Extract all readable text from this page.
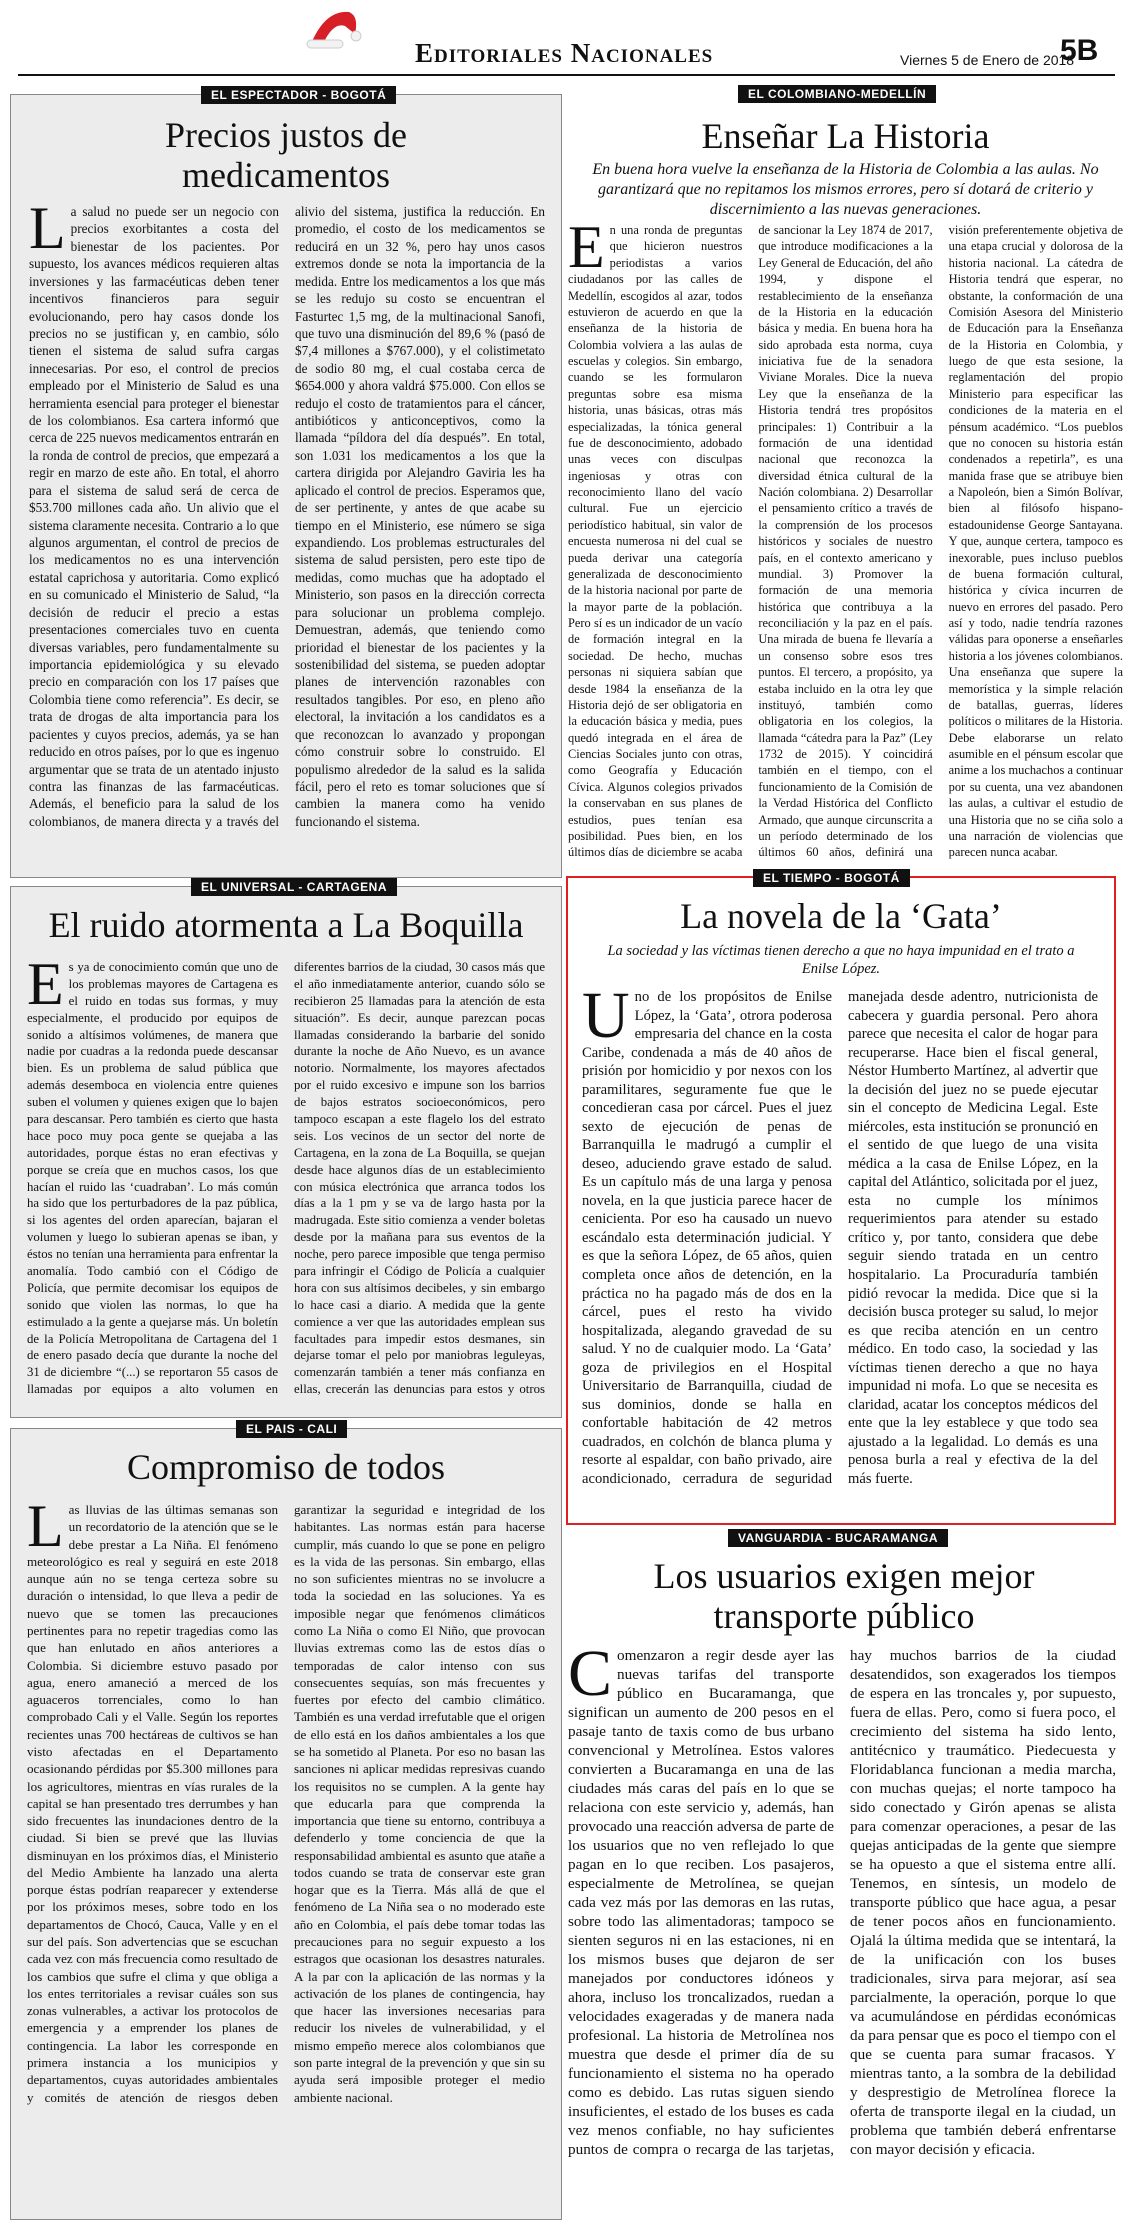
Editoriales Nacionales	Viernes 5 de Enero de 2018
5B
EL ESPECTADOR - BOGOTÁ
Precios justos de medicamentos
L a salud no puede ser un negocio con precios exorbitantes a costa del bienestar de los pacientes. Por supuesto, los avances médicos requieren altas inversiones y las farmacéuticas deben tener incentivos financieros para seguir evolucionando, pero hay casos donde los precios no se justifican y, en cambio, sólo tienen el sistema de salud sufra cargas innecesarias. Por eso, el control de precios empleado por el Ministerio de Salud es una herramienta esencial para proteger el bienestar de los colombianos. Esa cartera informó que cerca de 225 nuevos medicamentos entrarán en la ronda de control de precios, que empezará a regir en marzo de este año. En total, el ahorro para el sistema de salud será de cerca de $53.700 millones cada año. Un alivio que el sistema claramente necesita. Contrario a lo que algunos argumentan, el control de precios de los medicamentos no es una intervención estatal caprichosa y autoritaria. Como explicó en su comunicado el Ministerio de Salud, “la decisión de reducir el precio a estas presentaciones comerciales tuvo en cuenta diversas variables, pero fundamentalmente su importancia epidemiológica y su elevado precio en comparación con los 17 países que Colombia tiene como referencia”. Es decir, se trata de drogas de alta importancia para los pacientes y cuyos precios, además, ya se han reducido en otros países, por lo que es ingenuo argumentar que se trata de un atentado injusto contra las finanzas de las farmacéuticas. Además, el beneficio para la salud de los colombianos, de manera directa y a través del alivio del sistema, justifica la reducción. En promedio, el costo de los medicamentos se reducirá en un 32 %, pero hay unos casos extremos donde se nota la importancia de la medida. Entre los medicamentos a los que más se les redujo su costo se encuentran el Fasturtec 1,5 mg, de la multinacional Sanofi, que tuvo una disminución del 89,6 % (pasó de $7,4 millones a $767.000), y el colistimetato de sodio 80 mg, el cual costaba cerca de $654.000 y ahora valdrá $75.000. Con ellos se redujo el costo de tratamientos para el cáncer, antibióticos y anticonceptivos, como la llamada “píldora del día después”. En total, son 1.031 los medicamentos a los que la cartera dirigida por Alejandro Gaviria les ha aplicado el control de precios. Esperamos que, de ser pertinente, y antes de que acabe su tiempo en el Ministerio, ese número se siga expandiendo. Los problemas estructurales del sistema de salud persisten, pero este tipo de medidas, como muchas que ha adoptado el Ministerio, son pasos en la dirección correcta para solucionar un problema complejo. Demuestran, además, que teniendo como prioridad el bienestar de los pacientes y la sostenibilidad del sistema, se pueden adoptar planes de intervención razonables con resultados tangibles. Por eso, en pleno año electoral, la invitación a los candidatos es a que reconozcan lo avanzado y propongan cómo construir sobre lo construido. El populismo alrededor de la salud es la salida fácil, pero el reto es tomar soluciones que sí cambien la manera como ha venido funcionando el sistema.
EL COLOMBIANO-MEDELLÍN
Enseñar La Historia
En buena hora vuelve la enseñanza de la Historia de Colombia a las aulas. No garantizará que no repitamos los mismos errores, pero sí dotará de criterio y discernimiento a las nuevas generaciones.
E n una ronda de preguntas que hicieron nuestros periodistas a varios ciudadanos por las calles de Medellín, escogidos al azar, todos estuvieron de acuerdo en que la enseñanza de la historia de Colombia volviera a las aulas de escuelas y colegios. Sin embargo, cuando se les formularon preguntas sobre esa misma historia, unas básicas, otras más especializadas, la tónica general fue de desconocimiento, adobado unas veces con disculpas ingeniosas y otras con reconocimiento llano del vacío cultural. Fue un ejercicio periodístico habitual, sin valor de encuesta numerosa ni del cual se pueda derivar una categoría generalizada de desconocimiento de la historia nacional por parte de la mayor parte de la población. Pero sí es un indicador de un vacío de formación integral en la sociedad. De hecho, muchas personas ni siquiera sabían que desde 1984 la enseñanza de la Historia dejó de ser obligatoria en la educación básica y media, pues quedó integrada en el área de Ciencias Sociales junto con otras, como Geografía y Educación Cívica. Algunos colegios privados la conservaban en sus planes de estudios, pues tenían esa posibilidad. Pues bien, en los últimos días de diciembre se acaba de sancionar la Ley 1874 de 2017, que introduce modificaciones a la Ley General de Educación, del año 1994, y dispone el restablecimiento de la enseñanza de la Historia en la educación básica y media. En buena hora ha sido aprobada esta norma, cuya iniciativa fue de la senadora Viviane Morales. Dice la nueva Ley que la enseñanza de la Historia tendrá tres propósitos principales: 1) Contribuir a la formación de una identidad nacional que reconozca la diversidad étnica cultural de la Nación colombiana. 2) Desarrollar el pensamiento crítico a través de la comprensión de los procesos históricos y sociales de nuestro país, en el contexto americano y mundial. 3) Promover la formación de una memoria histórica que contribuya a la reconciliación y la paz en el país. Una mirada de buena fe llevaría a un consenso sobre esos tres puntos. El tercero, a propósito, ya estaba incluido en la otra ley que instituyó, también como obligatoria en los colegios, la llamada “cátedra para la Paz” (Ley 1732 de 2015). Y coincidirá también en el tiempo, con el funcionamiento de la Comisión de la Verdad Histórica del Conflicto Armado, que aunque circunscrita a un período determinado de los últimos 60 años, definirá una visión preferentemente objetiva de una etapa crucial y dolorosa de la historia nacional. La cátedra de Historia tendrá que esperar, no obstante, la conformación de una Comisión Asesora del Ministerio de Educación para la Enseñanza de la Historia en Colombia, y luego de que esta sesione, la reglamentación del propio Ministerio para especificar las condiciones de la materia en el pénsum académico. “Los pueblos que no conocen su historia están condenados a repetirla”, es una manida frase que se atribuye bien a Napoleón, bien a Simón Bolívar, bien al filósofo hispano-estadounidense George Santayana. Y que, aunque certera, tampoco es inexorable, pues incluso pueblos de buena formación cultural, histórica y cívica incurren de nuevo en errores del pasado. Pero así y todo, nadie tendría razones válidas para oponerse a enseñarles historia a los jóvenes colombianos. Una enseñanza que supere la memorística y la simple relación de batallas, guerras, líderes políticos o militares de la Historia. Debe elaborarse un relato asumible en el pénsum escolar que anime a los muchachos a continuar por su cuenta, una vez abandonen las aulas, a cultivar el estudio de una Historia que no se ciña solo a una narración de violencias que parecen nunca acabar.
EL UNIVERSAL - CARTAGENA
El ruido atormenta a La Boquilla
E s ya de conocimiento común que uno de los problemas mayores de Cartagena es el ruido en todas sus formas, y muy especialmente, el producido por equipos de sonido a altísimos volúmenes, de manera que nadie por cuadras a la redonda puede descansar bien. Es un problema de salud pública que además desemboca en violencia entre quienes suben el volumen y quienes exigen que lo bajen para descansar. Pero también es cierto que hasta hace poco muy poca gente se quejaba a las autoridades, porque éstas no eran efectivas y porque se creía que en muchos casos, los que hacían el ruido las ‘cuadraban’. Lo más común ha sido que los perturbadores de la paz pública, si los agentes del orden aparecían, bajaran el volumen y luego lo subieran apenas se iban, y éstos no tenían una herramienta para enfrentar la anomalía. Todo cambió con el Código de Policía, que permite decomisar los equipos de sonido que violen las normas, lo que ha estimulado a la gente a quejarse más. Un boletín de la Policía Metropolitana de Cartagena del 1 de enero pasado decía que durante la noche del 31 de diciembre “(...) se reportaron 55 casos de llamadas por equipos a alto volumen en diferentes barrios de la ciudad, 30 casos más que el año inmediatamente anterior, cuando sólo se recibieron 25 llamadas para la atención de esta situación”. Es decir, aunque parezcan pocas llamadas considerando la barbarie del sonido durante la noche de Año Nuevo, es un avance notorio. Normalmente, los mayores afectados por el ruido excesivo e impune son los barrios de bajos estratos socioeconómicos, pero tampoco escapan a este flagelo los del estrato seis. Los vecinos de un sector del norte de Cartagena, en la zona de La Boquilla, se quejan desde hace algunos días de un establecimiento con música electrónica que arranca todos los días a la 1 pm y se va de largo hasta por la madrugada. Este sitio comienza a vender boletas desde por la mañana para sus eventos de la noche, pero parece imposible que tenga permiso para infringir el Código de Policía a cualquier hora con sus altísimos decibeles, y sin embargo lo hace casi a diario. A medida que la gente comience a ver que las autoridades emplean sus facultades para impedir estos desmanes, sin dejarse tomar el pelo por maniobras leguleyas, comenzarán también a tener más confianza en ellas, crecerán las denuncias para estos y otros
EL TIEMPO - BOGOTÁ
La novela de la ‘Gata’
La sociedad y las víctimas tienen derecho a que no haya impunidad en el trato a Enilse López.
U no de los propósitos de Enilse López, la ‘Gata’, otrora poderosa empresaria del chance en la costa Caribe, condenada a más de 40 años de prisión por homicidio y por nexos con los paramilitares, seguramente fue que le concedieran casa por cárcel. Pues el juez sexto de ejecución de penas de Barranquilla le madrugó a cumplir el deseo, aduciendo grave estado de salud. Es un capítulo más de una larga y penosa novela, en la que justicia parece hacer de cenicienta. Por eso ha causado un nuevo escándalo esta determinación judicial. Y es que la señora López, de 65 años, quien completa once años de detención, en la práctica no ha pagado más de dos en la cárcel, pues el resto ha vivido hospitalizada, alegando gravedad de su salud. Y no de cualquier modo. La ‘Gata’ goza de privilegios en el Hospital Universitario de Barranquilla, ciudad de sus dominios, donde se halla en confortable habitación de 42 metros cuadrados, en colchón de blanca pluma y resorte al espaldar, con baño privado, aire acondicionado, cerradura de seguridad manejada desde adentro, nutricionista de cabecera y guardia personal. Pero ahora parece que necesita el calor de hogar para recuperarse. Hace bien el fiscal general, Néstor Humberto Martínez, al advertir que la decisión del juez no se puede ejecutar sin el concepto de Medicina Legal. Este miércoles, esta institución se pronunció en el sentido de que luego de una visita médica a la casa de Enilse López, en la capital del Atlántico, solicitada por el juez, esta no cumple los mínimos requerimientos para atender su estado crítico y, por tanto, considera que debe seguir siendo tratada en un centro hospitalario. La Procuraduría también pidió revocar la medida. Dice que si la decisión busca proteger su salud, lo mejor es que reciba atención en un centro médico. En todo caso, la sociedad y las víctimas tienen derecho a que no haya impunidad ni mofa. Lo que se necesita es claridad, acatar los conceptos médicos del ente que la ley establece y que todo sea ajustado a la legalidad. Lo demás es una penosa burla a real y efectiva de la del más fuerte.
EL PAIS - CALI
Compromiso de todos
L as lluvias de las últimas semanas son un recordatorio de la atención que se le debe prestar a La Niña. El fenómeno meteorológico es real y seguirá en este 2018 aunque aún no se tenga certeza sobre su duración o intensidad, lo que lleva a pedir de nuevo que se tomen las precauciones pertinentes para no repetir tragedias como las que han enlutado en años anteriores a Colombia. Si diciembre estuvo pasado por agua, enero amaneció a merced de los aguaceros torrenciales, como lo han comprobado Cali y el Valle. Según los reportes recientes unas 700 hectáreas de cultivos se han visto afectadas en el Departamento ocasionando pérdidas por $5.300 millones para los agricultores, mientras en vías rurales de la capital se han presentado tres derrumbes y han sido frecuentes las inundaciones dentro de la ciudad. Si bien se prevé que las lluvias disminuyan en los próximos días, el Ministerio del Medio Ambiente ha lanzado una alerta porque éstas podrían reaparecer y extenderse por los próximos meses, sobre todo en los departamentos de Chocó, Cauca, Valle y en el sur del país. Son advertencias que se escuchan cada vez con más frecuencia como resultado de los cambios que sufre el clima y que obliga a los entes territoriales a revisar cuáles son sus zonas vulnerables, a activar los protocolos de emergencia y a emprender los planes de contingencia. La labor les corresponde en primera instancia a los municipios y departamentos, cuyas autoridades ambientales y comités de atención de riesgos deben garantizar la seguridad e integridad de los habitantes. Las normas están para hacerse cumplir, más cuando lo que se pone en peligro es la vida de las personas. Sin embargo, ellas no son suficientes mientras no se involucre a toda la sociedad en las soluciones. Ya es imposible negar que fenómenos climáticos como La Niña o como El Niño, que provocan lluvias extremas como las de estos días o temporadas de calor intenso con sus consecuentes sequías, son más frecuentes y fuertes por efecto del cambio climático. También es una verdad irrefutable que el origen de ello está en los daños ambientales a los que se ha sometido al Planeta. Por eso no basan las sanciones ni aplicar medidas represivas cuando los requisitos no se cumplen. A la gente hay que educarla para que comprenda la importancia que tiene su entorno, contribuya a defenderlo y tome conciencia de que la responsabilidad ambiental es asunto que atañe a todos cuando se trata de conservar este gran hogar que es la Tierra. Más allá de que el fenómeno de La Niña sea o no moderado este año en Colombia, el país debe tomar todas las precauciones para no seguir expuesto a los estragos que ocasionan los desastres naturales. A la par con la aplicación de las normas y la activación de los planes de contingencia, hay que hacer las inversiones necesarias para reducir los niveles de vulnerabilidad, y el mismo empeño merece alos colombianos que son parte integral de la prevención y que sin su ayuda será imposible proteger el medio ambiente nacional.
VANGUARDIA - BUCARAMANGA
Los usuarios exigen mejor transporte público
C omenzaron a regir desde ayer las nuevas tarifas del transporte público en Bucaramanga, que significan un aumento de 200 pesos en el pasaje tanto de taxis como de bus urbano convencional y Metrolínea. Estos valores convierten a Bucaramanga en una de las ciudades más caras del país en lo que se relaciona con este servicio y, además, han provocado una reacción adversa de parte de los usuarios que no ven reflejado lo que pagan en lo que reciben. Los pasajeros, especialmente de Metrolínea, se quejan cada vez más por las demoras en las rutas, sobre todo las alimentadoras; tampoco se sienten seguros ni en las estaciones, ni en los mismos buses que dejaron de ser manejados por conductores idóneos y ahora, incluso los troncalizados, ruedan a velocidades exageradas y de manera nada profesional. La historia de Metrolínea nos muestra que desde el primer día de su funcionamiento el sistema no ha operado como es debido. Las rutas siguen siendo insuficientes, el estado de los buses es cada vez menos confiable, no hay suficientes puntos de compra o recarga de las tarjetas, hay muchos barrios de la ciudad desatendidos, son exagerados los tiempos de espera en las troncales y, por supuesto, fuera de ellas. Pero, como si fuera poco, el crecimiento del sistema ha sido lento, antitécnico y traumático. Piedecuesta y Floridablanca funcionan a media marcha, con muchas quejas; el norte tampoco ha sido conectado y Girón apenas se alista para comenzar operaciones, a pesar de las quejas anticipadas de la gente que siempre se ha opuesto a que el sistema entre allí. Tenemos, en síntesis, un modelo de transporte público que hace agua, a pesar de tener pocos años en funcionamiento. Ojalá la última medida que se intentará, la de la unificación con los buses tradicionales, sirva para mejorar, así sea parcialmente, la operación, porque lo que va acumulándose en pérdidas económicas da para pensar que es poco el tiempo con el que se cuenta para sumar fracasos. Y mientras tanto, a la sombra de la debilidad y desprestigio de Metrolínea florece la oferta de transporte ilegal en la ciudad, un problema que también deberá enfrentarse con mayor decisión y eficacia.
